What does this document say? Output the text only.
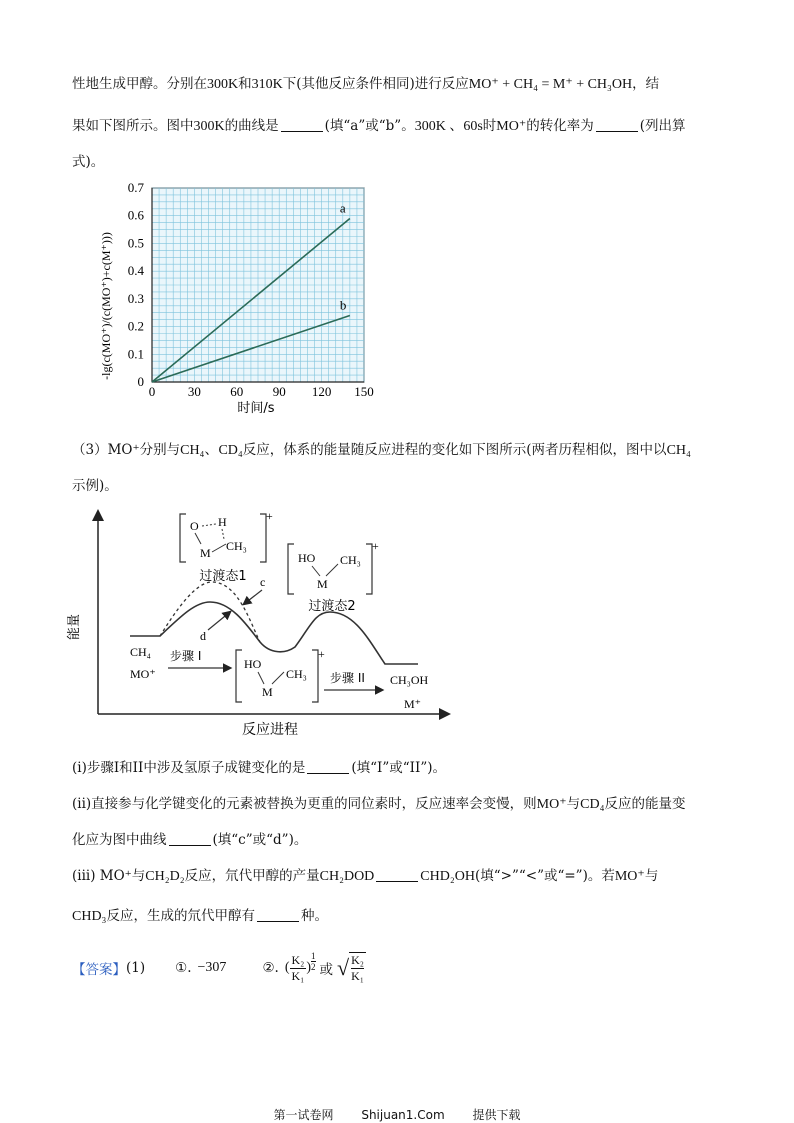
性地生成甲醇。分别在300K和310K下(其他反应条件相同)进行反应MO⁺ + CH₄ = M⁺ + CH₃OH，结
果如下图所示。图中300K的曲线是	(填“a”或“b”。300K 、60s时MO⁺的转化率为	(列出算
式)。
a
b
0	30 60 90 120 150
0
0.1
0.2
0.3
0.4
0.5
0.6
0.7
-lg(c(MO⁺)/(c(MO⁺)+c(M⁺)))
时间/s
（3）MO⁺分别与CH₄、CD₄反应，体系的能量随反应进程的变化如下图所示(两者历程相似，图中以CH₄
示例)。
能量
反应进程
O H
M CH₃
+
过渡态1
HO CH₃
M
+
过渡态2
c
d
CH₄
MO⁺
步骤 I
HO
CH₃
M
+
步骤 II CH₃OH
M⁺
(i)步骤I和II中涉及氢原子成键变化的是	(填“I”或“II”)。
(ii)直接参与化学键变化的元素被替换为更重的同位素时，反应速率会变慢，则MO⁺与CD₄反应的能量变
化应为图中曲线	(填“c”或“d”)。
(iii) MO⁺与CH₂D₂反应，氘代甲醇的产量CH₂DOD	CHD₂OH(填“>”“<”或“=”)。若MO⁺与
CHD₃反应，生成的氘代甲醇有	种。
【答案】 (1) ①. −307	②. ( $\frac{\text{K₂}}{\text{K₁}}$ ) $\frac{1}{2}$ 或 √ $\frac{\text{K₂}}{\text{K₁}}$
第一试卷网 Shijuan1.Com 提供下载
